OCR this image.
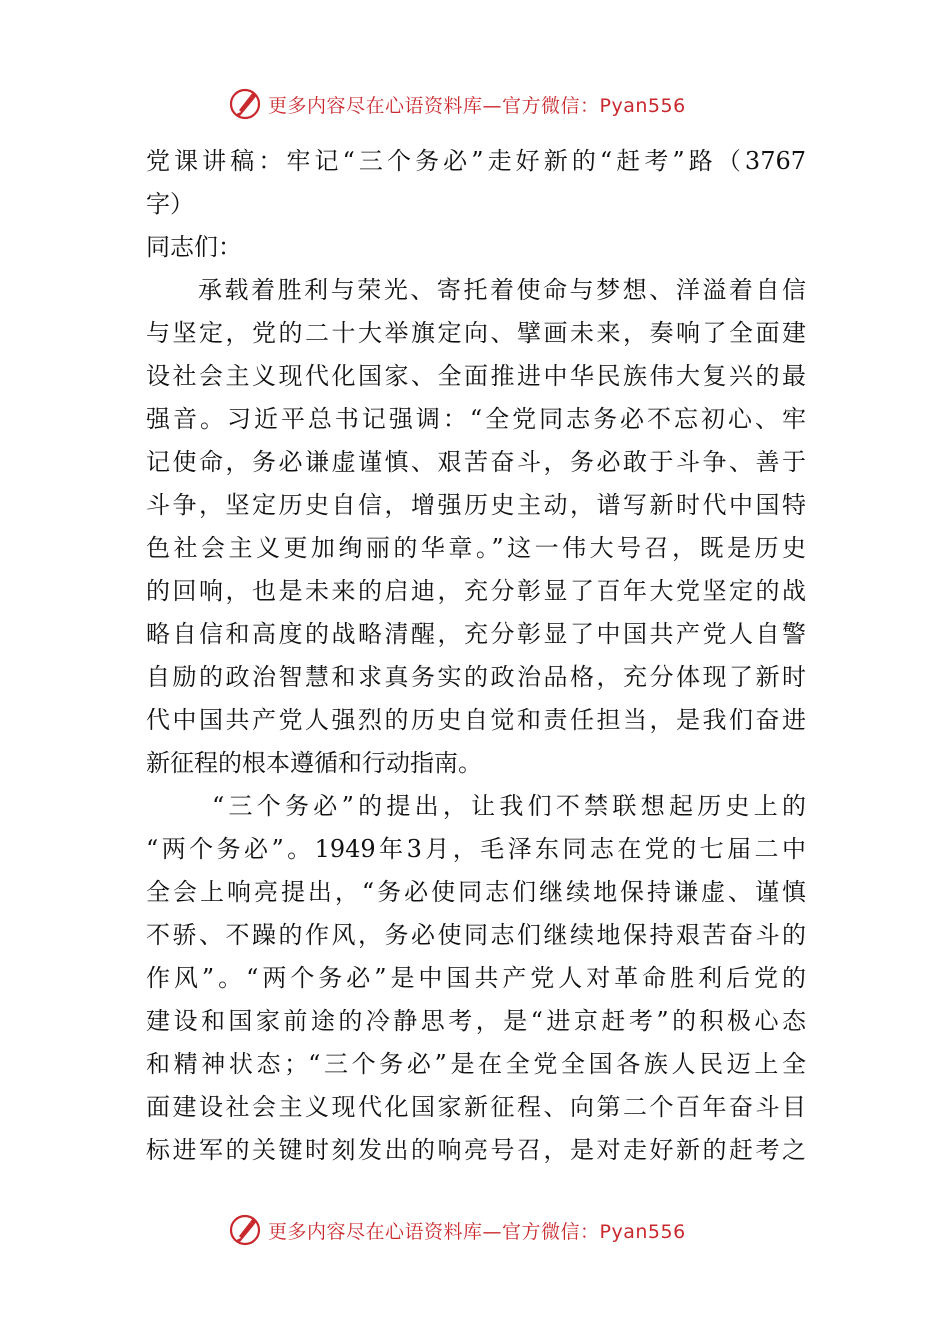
更多内容尽在心语资料库—官方微信：Pyan556
党课讲稿：牢记“三个务必”走好新的“赶考”路（3767
字）
同志们：
承载着胜利与荣光、寄托着使命与梦想、洋溢着自信
与坚定，党的二十大举旗定向、擘画未来，奏响了全面建
设社会主义现代化国家、全面推进中华民族伟大复兴的最
强音。习近平总书记强调：“全党同志务必不忘初心、牢
记使命，务必谦虚谨慎、艰苦奋斗，务必敢于斗争、善于
斗争，坚定历史自信，增强历史主动，谱写新时代中国特
色社会主义更加绚丽的华章。”这一伟大号召，既是历史
的回响，也是未来的启迪，充分彰显了百年大党坚定的战
略自信和高度的战略清醒，充分彰显了中国共产党人自警
自励的政治智慧和求真务实的政治品格，充分体现了新时
代中国共产党人强烈的历史自觉和责任担当，是我们奋进
新征程的根本遵循和行动指南。
“三个务必”的提出，让我们不禁联想起历史上的
“两个务必”。1949年3月，毛泽东同志在党的七届二中
全会上响亮提出，“务必使同志们继续地保持谦虚、谨慎
不骄、不躁的作风，务必使同志们继续地保持艰苦奋斗的
作风”。“两个务必”是中国共产党人对革命胜利后党的
建设和国家前途的冷静思考，是“进京赶考”的积极心态
和精神状态；“三个务必”是在全党全国各族人民迈上全
面建设社会主义现代化国家新征程、向第二个百年奋斗目
标进军的关键时刻发出的响亮号召，是对走好新的赶考之
更多内容尽在心语资料库—官方微信：Pyan556
